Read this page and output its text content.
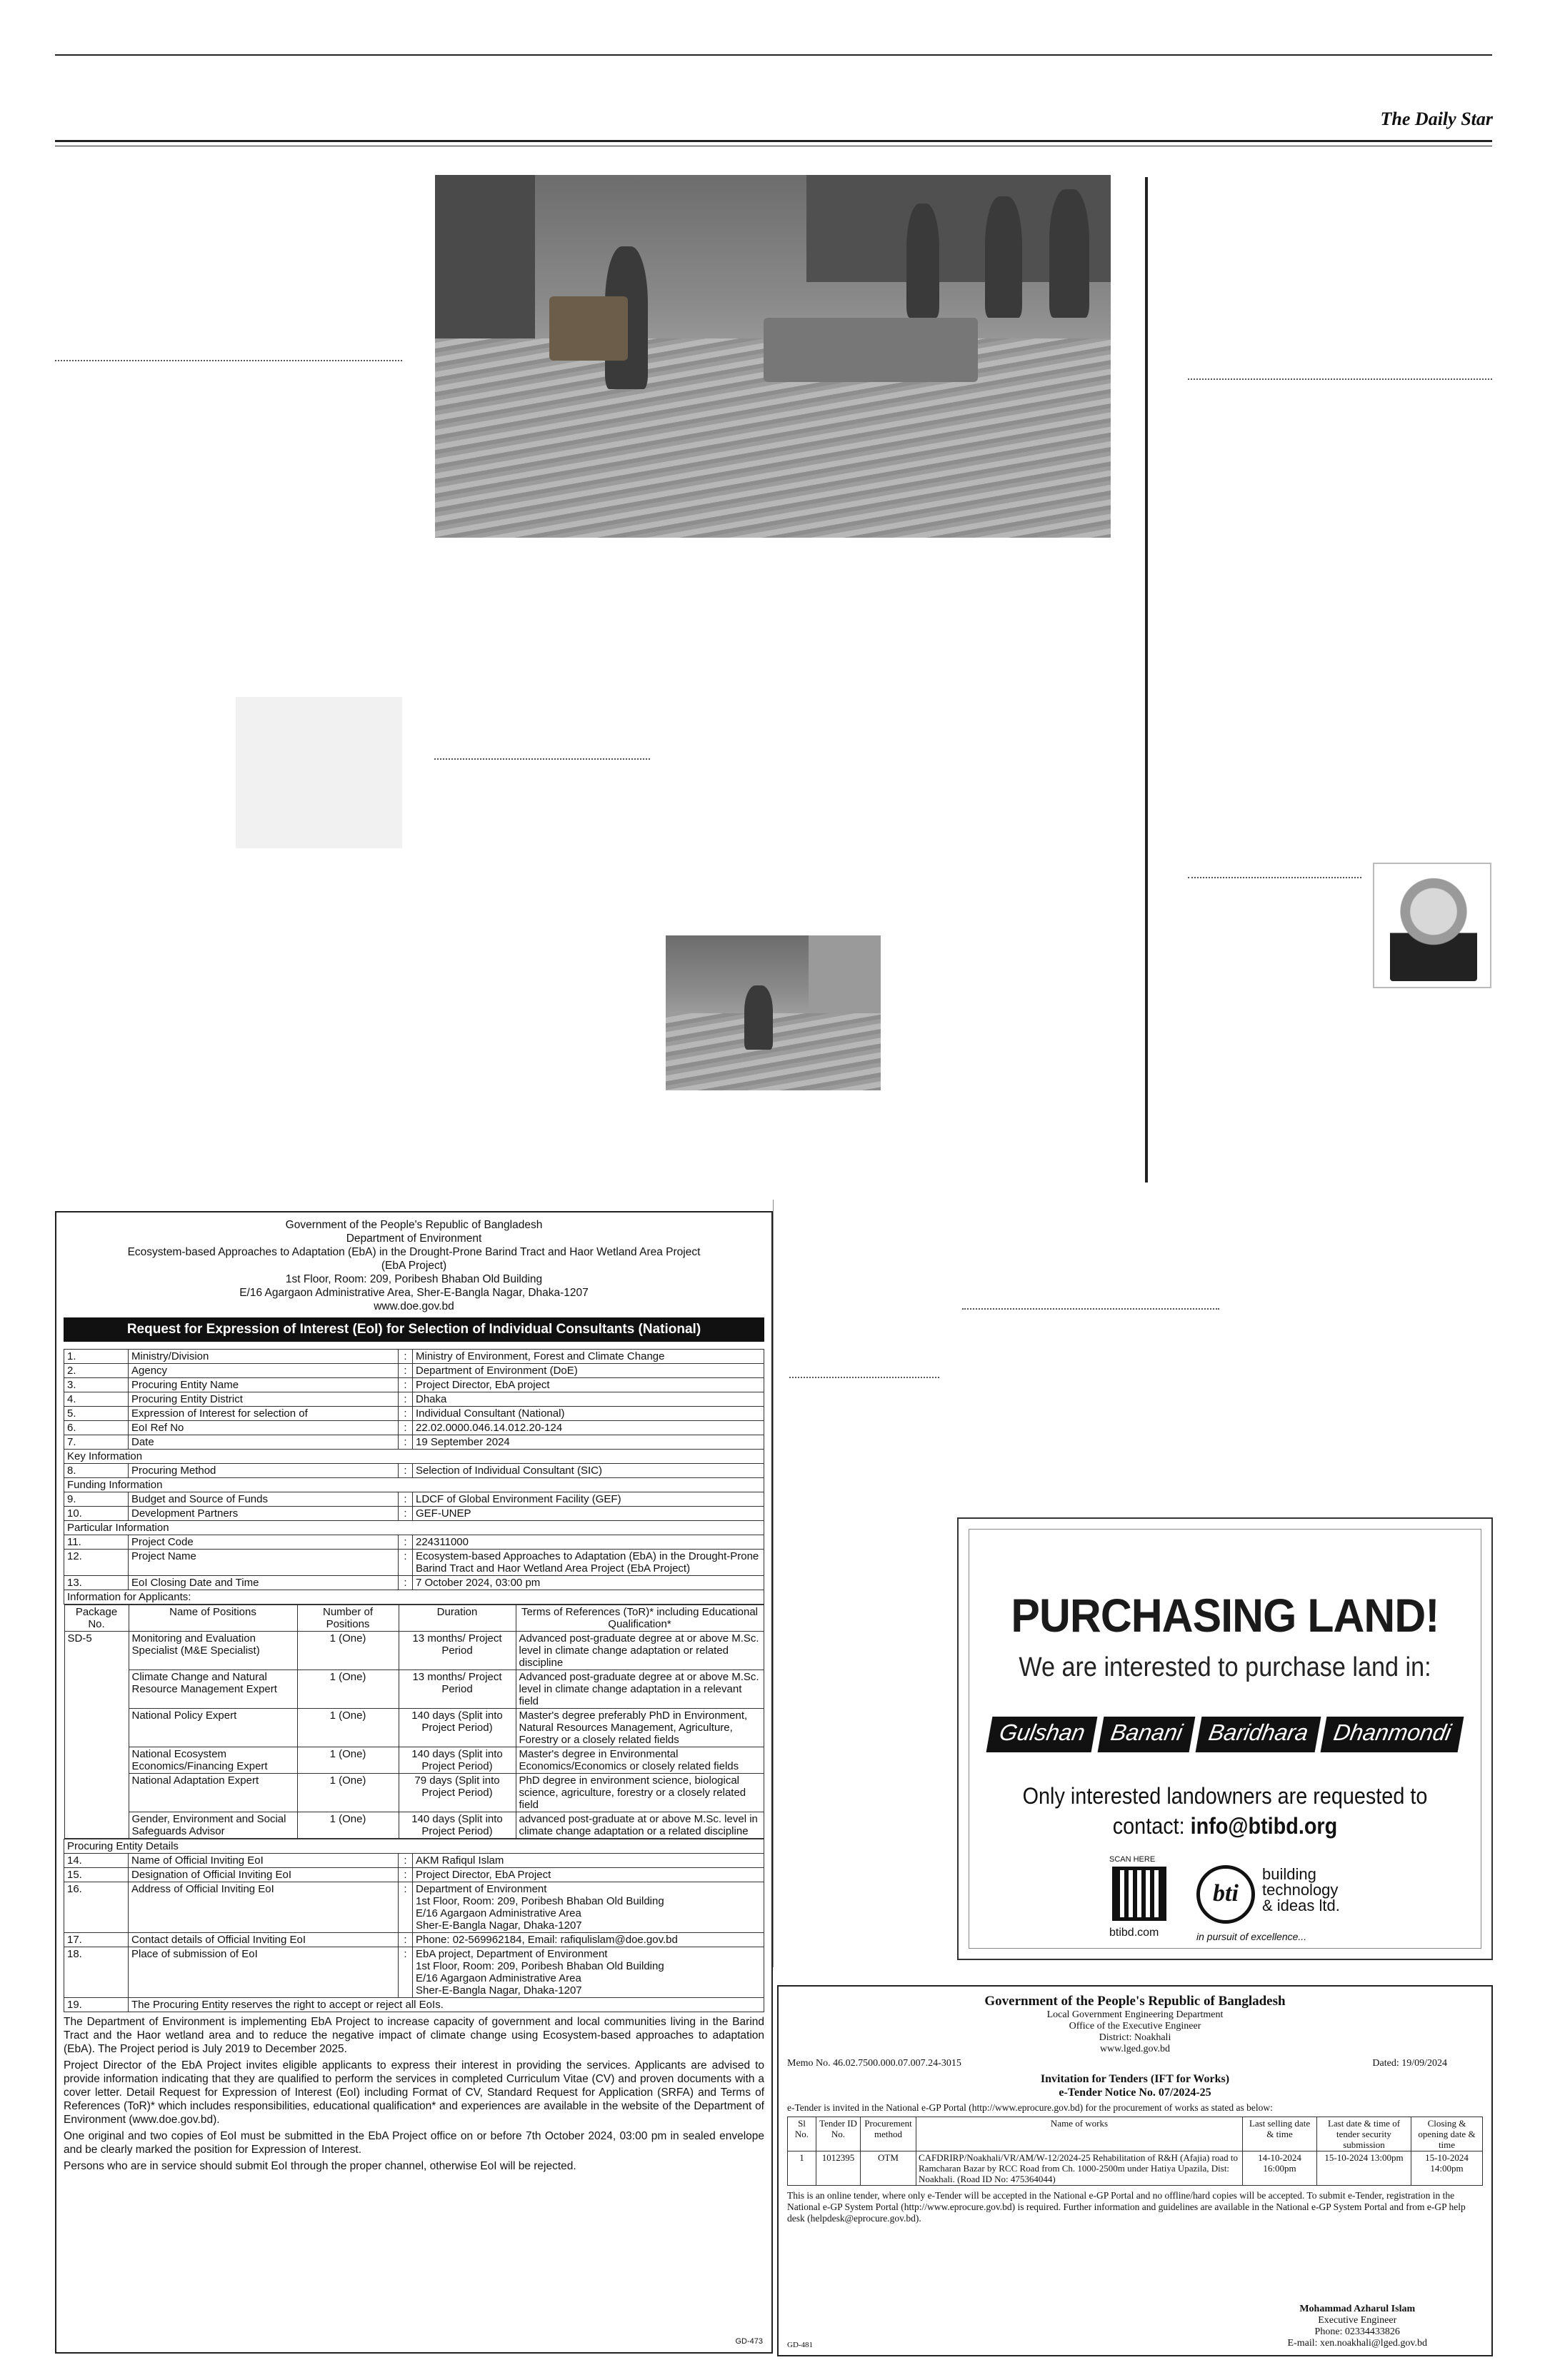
The Daily Star
Government of the People's Republic of Bangladesh
Department of Environment
Ecosystem-based Approaches to Adaptation (EbA) in the Drought-Prone Barind Tract and Haor Wetland Area Project
(EbA Project)
1st Floor, Room: 209, Poribesh Bhaban Old Building
E/16 Agargaon Administrative Area, Sher-E-Bangla Nagar, Dhaka-1207
www.doe.gov.bd
Request for Expression of Interest (EoI) for Selection of Individual Consultants (National)
1.	Ministry/Division	:	Ministry of Environment, Forest and Climate Change
2.	Agency	:	Department of Environment (DoE)
3.	Procuring Entity Name	:	Project Director, EbA project
4.	Procuring Entity District	:	Dhaka
5.	Expression of Interest for selection of	:	Individual Consultant (National)
6.	EoI Ref No	:	22.02.0000.046.14.012.20-124
7.	Date	:	19 September 2024
Key Information
8.	Procuring Method	:	Selection of Individual Consultant (SIC)
Funding Information
9.	Budget and Source of Funds	:	LDCF of Global Environment Facility (GEF)
10.	Development Partners	:	GEF-UNEP
Particular Information
11.	Project Code	:	224311000
12.	Project Name	:	Ecosystem-based Approaches to Adaptation (EbA) in the Drought-Prone Barind Tract and Haor Wetland Area Project (EbA Project)
13.	EoI Closing Date and Time	:	7 October 2024, 03:00 pm
Information for Applicants:

Package No.	Name of Positions	Number of Positions	Duration	Terms of References (ToR)* including Educational Qualification*
SD-5	Monitoring and Evaluation Specialist (M&E Specialist)	1 (One)	13 months/ Project Period	Advanced post-graduate degree at or above M.Sc. level in climate change adaptation or related discipline
Climate Change and Natural Resource Management Expert	1 (One)	13 months/ Project Period	Advanced post-graduate degree at or above M.Sc. level in climate change adaptation in a relevant field
National Policy Expert	1 (One)	140 days (Split into Project Period)	Master's degree preferably PhD in Environment, Natural Resources Management, Agriculture, Forestry or a closely related fields
National Ecosystem Economics/Financing Expert	1 (One)	140 days (Split into Project Period)	Master's degree in Environmental Economics/Economics or closely related fields
National Adaptation Expert	1 (One)	79 days (Split into Project Period)	PhD degree in environment science, biological science, agriculture, forestry or a closely related field
Gender, Environment and Social Safeguards Advisor	1 (One)	140 days (Split into Project Period)	advanced post-graduate at or above M.Sc. level in climate change adaptation or a related discipline

Procuring Entity Details
14.	Name of Official Inviting EoI	:	AKM Rafiqul Islam
15.	Designation of Official Inviting EoI	:	Project Director, EbA Project
16.	Address of Official Inviting EoI	:	Department of Environment
1st Floor, Room: 209, Poribesh Bhaban Old Building
E/16 Agargaon Administrative Area
Sher-E-Bangla Nagar, Dhaka-1207
17.	Contact details of Official Inviting EoI	:	Phone: 02-569962184, Email: rafiqulislam@doe.gov.bd
18.	Place of submission of EoI	:	EbA project, Department of Environment
1st Floor, Room: 209, Poribesh Bhaban Old Building
E/16 Agargaon Administrative Area
Sher-E-Bangla Nagar, Dhaka-1207
19.	The Procuring Entity reserves the right to accept or reject all EoIs.
The Department of Environment is implementing EbA Project to increase capacity of government and local communities living in the Barind Tract and the Haor wetland area and to reduce the negative impact of climate change using Ecosystem-based approaches to adaptation (EbA). The Project period is July 2019 to December 2025.
Project Director of the EbA Project invites eligible applicants to express their interest in providing the services. Applicants are advised to provide information indicating that they are qualified to perform the services in completed Curriculum Vitae (CV) and proven documents with a cover letter. Detail Request for Expression of Interest (EoI) including Format of CV, Standard Request for Application (SRFA) and Terms of References (ToR)* which includes responsibilities, educational qualification* and experiences are available in the website of the Department of Environment (www.doe.gov.bd).
One original and two copies of EoI must be submitted in the EbA Project office on or before 7th October 2024, 03:00 pm in sealed envelope and be clearly marked the position for Expression of Interest.
Persons who are in service should submit EoI through the proper channel, otherwise EoI will be rejected.
GD-473
PURCHASING LAND!
We are interested to purchase land in:
Gulshan Banani Baridhara Dhanmondi
Only interested landowners are requested to
contact: info@btibd.org
SCAN HERE
btibd.com
bti
building
technology
& ideas ltd.
in pursuit of excellence...
Government of the People's Republic of Bangladesh
Local Government Engineering Department
Office of the Executive Engineer
District: Noakhali
www.lged.gov.bd
Memo No. 46.02.7500.000.07.007.24-3015	Dated: 19/09/2024
Invitation for Tenders (IFT for Works)
e-Tender Notice No. 07/2024-25
e-Tender is invited in the National e-GP Portal (http://www.eprocure.gov.bd) for the procurement of works as stated as below:
Sl No.	Tender ID No.	Procurement method	Name of works	Last selling date & time	Last date & time of tender security submission	Closing & opening date & time
1	1012395	OTM	CAFDRIRP/Noakhali/VR/AM/W-12/2024-25 Rehabilitation of R&H (Afajia) road to Ramcharan Bazar by RCC Road from Ch. 1000-2500m under Hatiya Upazila, Dist: Noakhali. (Road ID No: 475364044)	14-10-2024 16:00pm	15-10-2024 13:00pm	15-10-2024 14:00pm
This is an online tender, where only e-Tender will be accepted in the National e-GP Portal and no offline/hard copies will be accepted. To submit e-Tender, registration in the National e-GP System Portal (http://www.eprocure.gov.bd) is required. Further information and guidelines are available in the National e-GP System Portal and from e-GP help desk (helpdesk@eprocure.gov.bd).
Mohammad Azharul Islam
Executive Engineer
Phone: 02334433826
E-mail: xen.noakhali@lged.gov.bd
GD-481
